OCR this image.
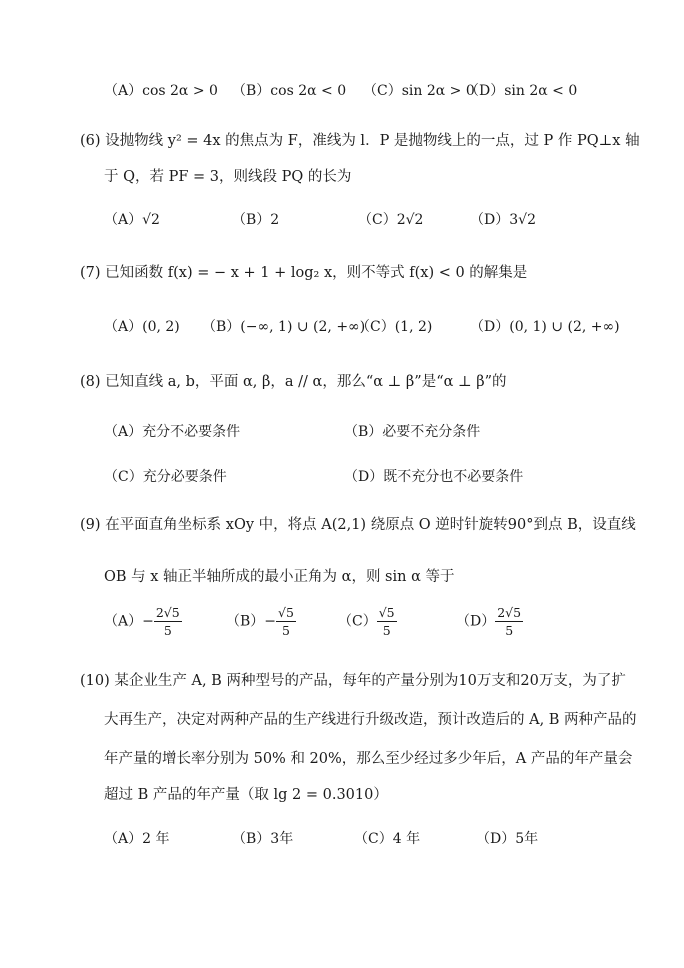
（A）cos 2α > 0 （B）cos 2α < 0 （C）sin 2α > 0
（D）sin 2α < 0
(6) 设抛物线 y² = 4x 的焦点为 F，准线为 l．P 是抛物线上的一点，过 P 作 PQ⊥x 轴
于 Q，若 PF = 3，则线段 PQ 的长为
（A）√2	（B）2	（C）2√2	（D）3√2
(7) 已知函数 f(x) = − x + 1 + log₂ x，则不等式 f(x) < 0 的解集是
（A）(0, 2) （B）(−∞, 1) ∪ (2, +∞)
（C）(1, 2)	（D）(0, 1) ∪ (2, +∞)
(8) 已知直线 a, b，平面 α, β，a // α，那么“α ⊥ β”是“α ⊥ β”的
（A）充分不必要条件	（B）必要不充分条件
（C）充分必要条件	（D）既不充分也不必要条件
(9) 在平面直角坐标系 xOy 中，将点 A(2,1) 绕原点 O 逆时针旋转90°到点 B，设直线
OB 与 x 轴正半轴所成的最小正角为 α，则 sin α 等于
$(A)- \frac{2√5}{5}$	$(B)- \frac{√5}{5}$	$(C) \frac{√5}{5}$	$(D) \frac{2√5}{5}$
(10) 某企业生产 A, B 两种型号的产品，每年的产量分别为10万支和20万支，为了扩
大再生产，决定对两种产品的生产线进行升级改造，预计改造后的 A, B 两种产品的
年产量的增长率分别为 50% 和 20%，那么至少经过多少年后，A 产品的年产量会
超过 B 产品的年产量（取 lg 2 = 0.3010）
（A）2 年	（B）3年	（C）4 年	（D）5年
